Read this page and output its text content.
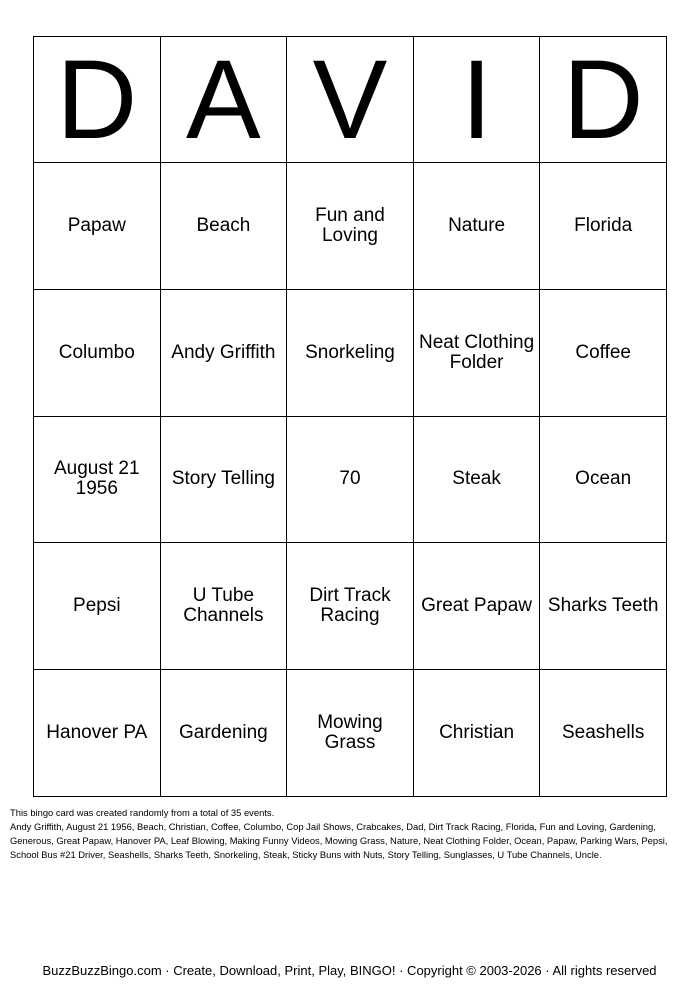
D	A	V	I	D
Papaw	Beach	Fun and Loving	Nature	Florida
Columbo	Andy Griffith	Snorkeling	Neat Clothing Folder	Coffee
August 21 1956	Story Telling	70	Steak	Ocean
Pepsi	U Tube Channels	Dirt Track Racing	Great Papaw	Sharks Teeth
Hanover PA	Gardening	Mowing Grass	Christian	Seashells

This bingo card was created randomly from a total of 35 events.

Andy Griffith, August 21 1956, Beach, Christian, Coffee, Columbo, Cop Jail Shows, Crabcakes, Dad, Dirt Track Racing, Florida, Fun and Loving, Gardening, Generous, Great Papaw, Hanover PA, Leaf Blowing, Making Funny Videos, Mowing Grass, Nature, Neat Clothing Folder, Ocean, Papaw, Parking Wars, Pepsi, School Bus #21 Driver, Seashells, Sharks Teeth, Snorkeling, Steak, Sticky Buns with Nuts, Story Telling, Sunglasses, U Tube Channels, Uncle.

BuzzBuzzBingo.com · Create, Download, Print, Play, BINGO! · Copyright © 2003-2026 · All rights reserved
